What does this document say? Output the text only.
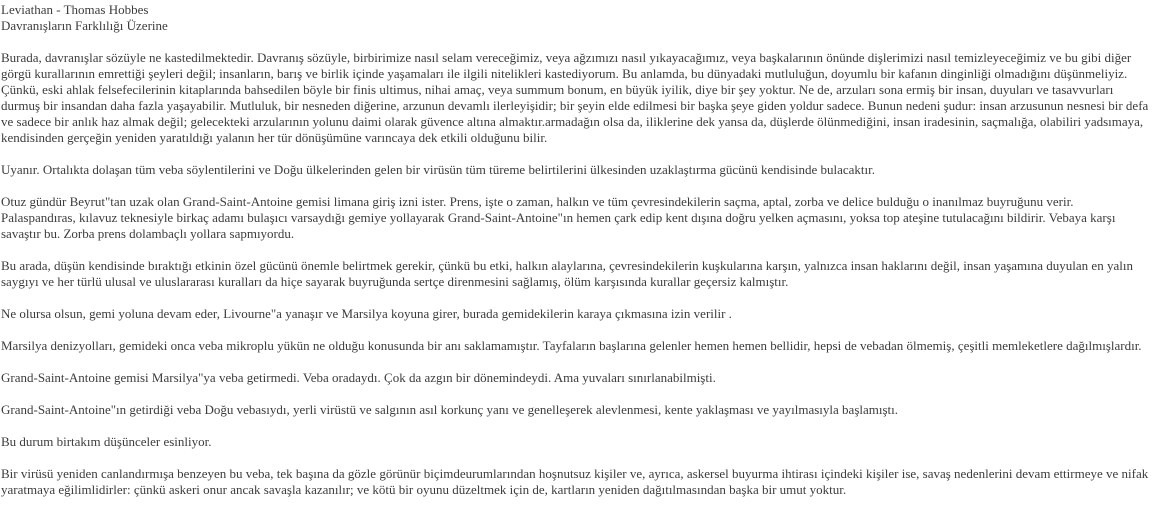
Leviathan - Thomas Hobbes
Davranışların Farklılığı Üzerine

Burada, davranışlar sözüyle ne kastedilmektedir. Davranış sözüyle, birbirimize nasıl selam vereceğimiz, veya ağzımızı nasıl yıkayacağımız, veya başkalarının önünde dişlerimizi nasıl temizleyeceğimiz ve bu gibi diğer görgü kurallarının emrettiği şeyleri değil; insanların, barış ve birlik içinde yaşamaları ile ilgili nitelikleri kastediyorum. Bu anlamda, bu dünyadaki mutluluğun, doyumlu bir kafanın dinginliği olmadığını düşünmeliyiz. Çünkü, eski ahlak felsefecilerinin kitaplarında bahsedilen böyle bir finis ultimus, nihai amaç, veya summum bonum, en büyük iyilik, diye bir şey yoktur. Ne de, arzuları sona ermiş bir insan, duyuları ve tasavvurları durmuş bir insandan daha fazla yaşayabilir. Mutluluk, bir nesneden diğerine, arzunun devamlı ilerleyişidir; bir şeyin elde edilmesi bir başka şeye giden yoldur sadece. Bunun nedeni şudur: insan arzusunun nesnesi bir defa ve sadece bir anlık haz almak değil; gelecekteki arzularının yolunu daimi olarak güvence altına almaktır.armadağın olsa da, iliklerine dek yansa da, düşlerde ölünmediğini, insan iradesinin, saçmalığa, olabiliri yadsımaya, kendisinden gerçeğin yeniden yaratıldığı yalanın her tür dönüşümüne varıncaya dek etkili olduğunu bilir.

Uyanır. Ortalıkta dolaşan tüm veba söylentilerini ve Doğu ülkelerinden gelen bir virüsün tüm türeme belirtilerini ülkesinden uzaklaştırma gücünü kendisinde bulacaktır.

Otuz gündür Beyrut"tan uzak olan Grand-Saint-Antoine gemisi limana giriş izni ister. Prens, işte o zaman, halkın ve tüm çevresindekilerin saçma, aptal, zorba ve delice bulduğu o inanılmaz buyruğunu verir. Palaspandıras, kılavuz teknesiyle birkaç adamı bulaşıcı varsaydığı gemiye yollayarak Grand-Saint-Antoine"ın hemen çark edip kent dışına doğru yelken açmasını, yoksa top ateşine tutulacağını bildirir. Vebaya karşı savaştır bu. Zorba prens dolambaçlı yollara sapmıyordu.

Bu arada, düşün kendisinde bıraktığı etkinin özel gücünü önemle belirtmek gerekir, çünkü bu etki, halkın alaylarına, çevresindekilerin kuşkularına karşın, yalnızca insan haklarını değil, insan yaşamına duyulan en yalın saygıyı ve her türlü ulusal ve uluslararası kuralları da hiçe sayarak buyruğunda sertçe direnmesini sağlamış, ölüm karşısında kurallar geçersiz kalmıştır.

Ne olursa olsun, gemi yoluna devam eder, Livourne"a yanaşır ve Marsilya koyuna girer, burada gemidekilerin karaya çıkmasına izin verilir .

Marsilya denizyolları, gemideki onca veba mikroplu yükün ne olduğu konusunda bir anı saklamamıştır. Tayfaların başlarına gelenler hemen hemen bellidir, hepsi de vebadan ölmemiş, çeşitli memleketlere dağılmışlardır.

Grand-Saint-Antoine gemisi Marsilya"ya veba getirmedi. Veba oradaydı. Çok da azgın bir dönemindeydi. Ama yuvaları sınırlanabilmişti.

Grand-Saint-Antoine"ın getirdiği veba Doğu vebasıydı, yerli virüstü ve salgının asıl korkunç yanı ve genelleşerek alevlenmesi, kente yaklaşması ve yayılmasıyla başlamıştı.

Bu durum birtakım düşünceler esinliyor.

Bir virüsü yeniden canlandırmışa benzeyen bu veba, tek başına da gözle görünür biçimdeurumlarından hoşnutsuz kişiler ve, ayrıca, askersel buyurma ihtirası içindeki kişiler ise, savaş nedenlerini devam ettirmeye ve nifak yaratmaya eğilimlidirler: çünkü askeri onur ancak savaşla kazanılır; ve kötü bir oyunu düzeltmek için de, kartların yeniden dağıtılmasından başka bir umut yoktur.
